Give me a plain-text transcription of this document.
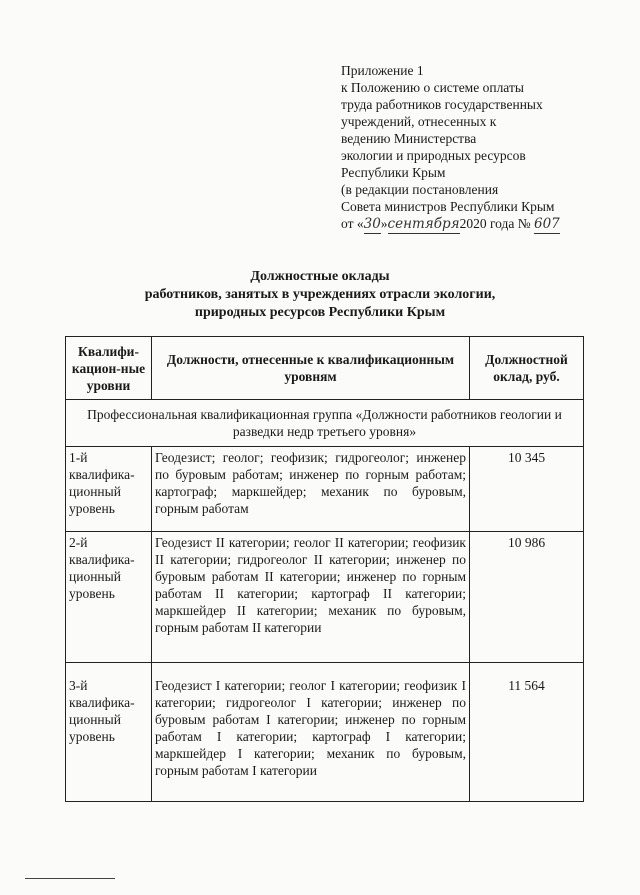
Приложение 1
к Положению о системе оплаты
труда работников государственных
учреждений, отнесенных к
ведению Министерства
экологии и природных ресурсов
Республики Крым
(в редакции постановления
Совета министров Республики Крым
от «30»сентября2020 года № 607
Должностные оклады
работников, занятых в учреждениях отрасли экологии,
природных ресурсов Республики Крым
Квалифи-кацион-ные уровни	Должности, отнесенные к квалификационным уровням	Должностной оклад, руб.
Профессиональная квалификационная группа «Должности работников геологии и разведки недр третьего уровня»		
1-й квалифика-ционный уровень	Геодезист; геолог; геофизик; гидрогеолог; инженер по буровым работам; инженер по горным работам; картограф; маркшейдер; механик по буровым, горным работам	10 345
2-й квалифика-ционный уровень	Геодезист II категории; геолог II категории; геофизик II категории; гидрогеолог II категории; инженер по буровым работам II категории; инженер по горным работам II категории; картограф II категории; маркшейдер II категории; механик по буровым, горным работам II категории	10 986
3-й квалифика-ционный уровень	Геодезист I категории; геолог I категории; геофизик I категории; гидрогеолог I категории; инженер по буровым работам I категории; инженер по горным работам I категории; картограф I категории; маркшейдер I категории; механик по буровым, горным работам I категории	11 564
